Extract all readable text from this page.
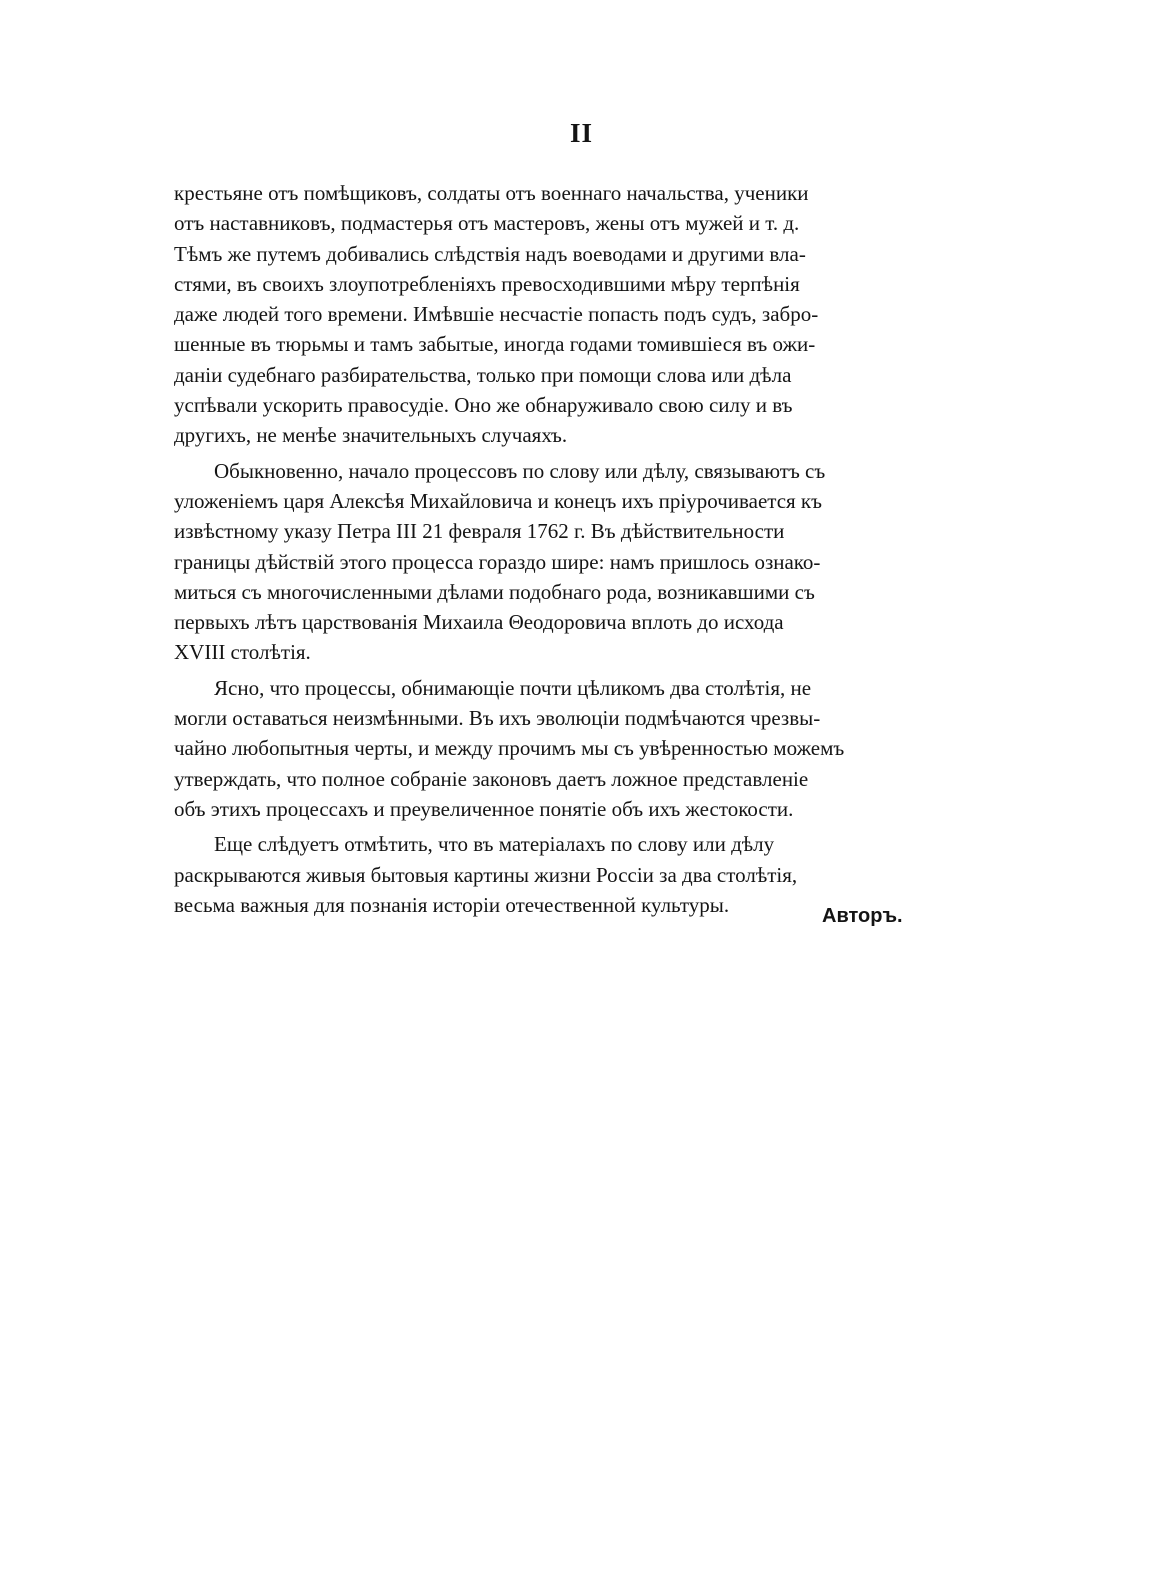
II
крестьяне отъ помѣщиковъ, солдаты отъ военнаго начальства, ученики
отъ наставниковъ, подмастерья отъ мастеровъ, жены отъ мужей и т. д.
Тѣмъ же путемъ добивались слѣдствія надъ воеводами и другими вла-
стями, въ своихъ злоупотребленіяхъ превосходившими мѣру терпѣнія
даже людей того времени. Имѣвшіе несчастіе попасть подъ судъ, забро-
шенные въ тюрьмы и тамъ забытые, иногда годами томившіеся въ ожи-
даніи судебнаго разбирательства, только при помощи слова или дѣла
успѣвали ускорить правосудіе. Оно же обнаруживало свою силу и въ
другихъ, не менѣе значительныхъ случаяхъ.
Обыкновенно, начало процессовъ по слову или дѣлу, связываютъ съ
уложеніемъ царя Алексѣя Михайловича и конецъ ихъ пріурочивается къ
извѣстному указу Петра III 21 февраля 1762 г. Въ дѣйствительности
границы дѣйствій этого процесса гораздо шире: намъ пришлось ознако-
миться съ многочисленными дѣлами подобнаго рода, возникавшими съ
первыхъ лѣтъ царствованія Михаила Θеодоровича вплоть до исхода
XVIII столѣтія.
Ясно, что процессы, обнимающіе почти цѣликомъ два столѣтія, не
могли оставаться неизмѣнными. Въ ихъ эволюціи подмѣчаются чрезвы-
чайно любопытныя черты, и между прочимъ мы съ увѣренностью можемъ
утверждать, что полное собраніе законовъ даетъ ложное представленіе
объ этихъ процессахъ и преувеличенное понятіе объ ихъ жестокости.
Еще слѣдуетъ отмѣтить, что въ матеріалахъ по слову или дѣлу
раскрываются живыя бытовыя картины жизни Россіи за два столѣтія,
весьма важныя для познанія исторіи отечественной культуры.	Авторъ.
